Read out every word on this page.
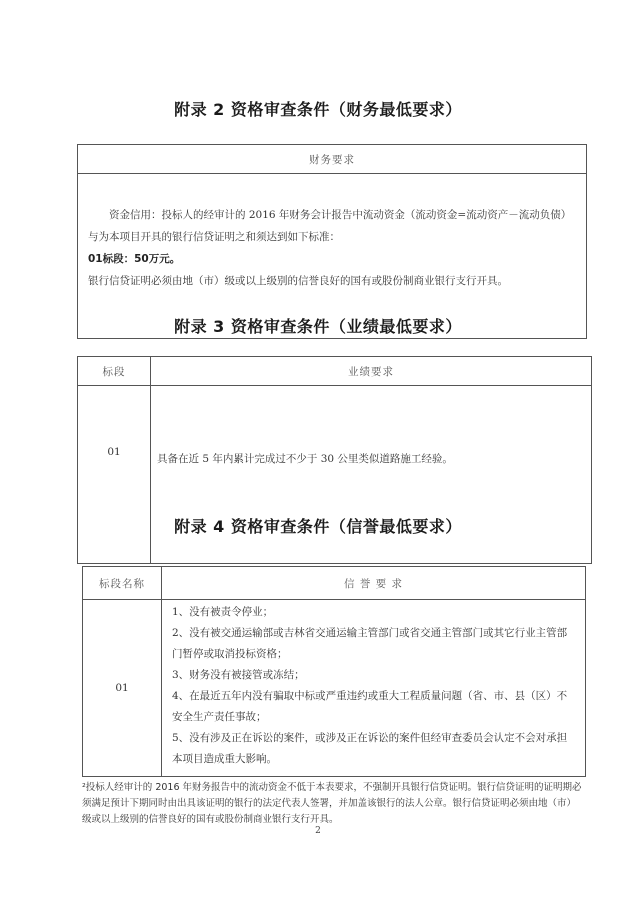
附录 2 资格审查条件（财务最低要求）
财务要求

资金信用：投标人的经审计的 2016 年财务会计报告中流动资金（流动资金=流动资产－流动负债）与为本项目开具的银行信贷证明之和须达到如下标准：

01标段：50万元。

银行信贷证明必须由地（市）级或以上级别的信誉良好的国有或股份制商业银行支行开具。

附录 3 资格审查条件（业绩最低要求）
标段	业绩要求
01	具备在近 5 年内累计完成过不少于 30 公里类似道路施工经验。
附录 4 资格审查条件（信誉最低要求）
标段名称	信 誉 要 求
01	1、没有被责令停业；

2、没有被交通运输部或吉林省交通运输主管部门或省交通主管部门或其它行业主管部门暂停或取消投标资格；

3、财务没有被接管或冻结；

4、在最近五年内没有骗取中标或严重违约或重大工程质量问题（省、市、县（区）不安全生产责任事故；

5、没有涉及正在诉讼的案件，或涉及正在诉讼的案件但经审查委员会认定不会对承担本项目造成重大影响。

²投标人经审计的 2016 年财务报告中的流动资金不低于本表要求，不强制开具银行信贷证明。银行信贷证明的证明期必须满足预计下期同时由出具该证明的银行的法定代表人签署，并加盖该银行的法人公章。银行信贷证明必须由地（市）级或以上级别的信誉良好的国有或股份制商业银行支行开具。

2
